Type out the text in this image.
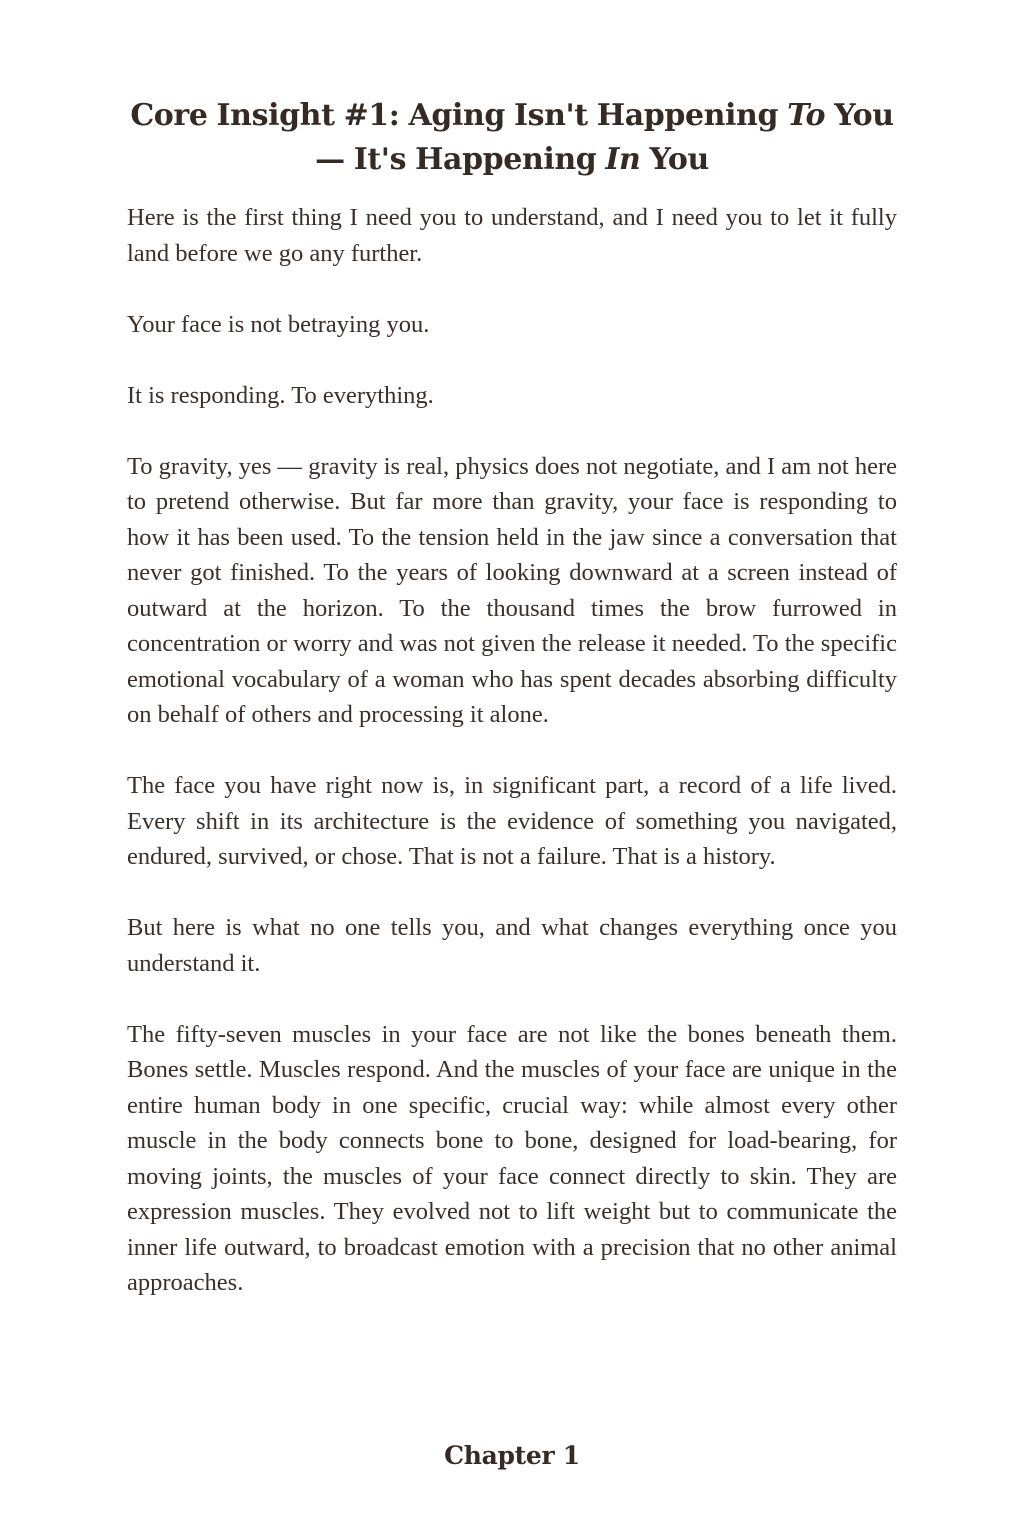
Core Insight #1: Aging Isn't Happening To You — It's Happening In You

Here is the first thing I need you to understand, and I need you to let it fully land before we go any further.

Your face is not betraying you.

It is responding. To everything.

To gravity, yes — gravity is real, physics does not negotiate, and I am not here to pretend otherwise. But far more than gravity, your face is responding to how it has been used. To the tension held in the jaw since a conversation that never got finished. To the years of looking downward at a screen instead of outward at the horizon. To the thousand times the brow furrowed in concentration or worry and was not given the release it needed. To the specific emotional vocabulary of a woman who has spent decades absorbing difficulty on behalf of others and processing it alone.

The face you have right now is, in significant part, a record of a life lived. Every shift in its architecture is the evidence of something you navigated, endured, survived, or chose. That is not a failure. That is a history.

But here is what no one tells you, and what changes everything once you understand it.

The fifty-seven muscles in your face are not like the bones beneath them. Bones settle. Muscles respond. And the muscles of your face are unique in the entire human body in one specific, crucial way: while almost every other muscle in the body connects bone to bone, designed for load-bearing, for moving joints, the muscles of your face connect directly to skin. They are expression muscles. They evolved not to lift weight but to communicate the inner life outward, to broadcast emotion with a precision that no other animal approaches.

Chapter 1
